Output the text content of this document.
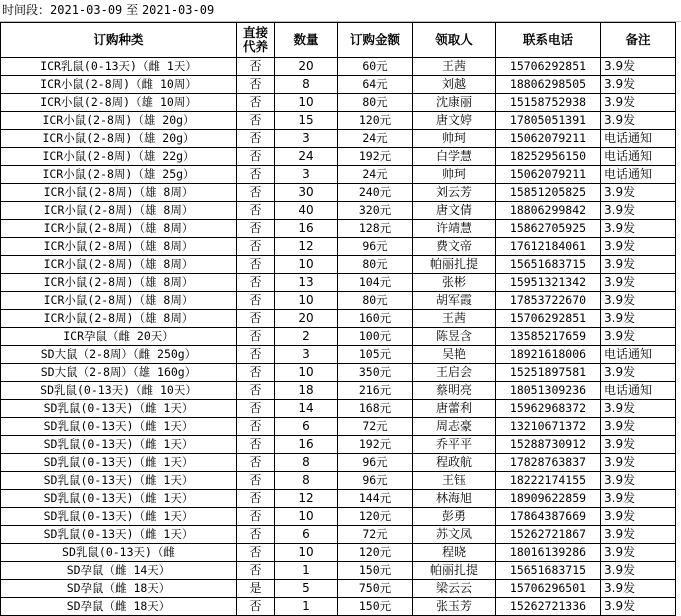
时间段：2021-03-09 至 2021-03-09
订购种类	直接代养	数量	订购金额	领取人	联系电话	备注
ICR乳鼠(0-13天)（雌 1天）	否	20	60元	王茜	15706292851	3.9发
ICR小鼠(2-8周)（雌 10周）	否	8	64元	刘越	18806298505	3.9发
ICR小鼠(2-8周)（雄 10周）	否	10	80元	沈康丽	15158752938	3.9发
ICR小鼠(2-8周)（雄 20g）	否	15	120元	唐文婷	17805051391	3.9发
ICR小鼠(2-8周)（雄 20g）	否	3	24元	帅珂	15062079211	电话通知
ICR小鼠(2-8周)（雄 22g）	否	24	192元	白学慧	18252956150	电话通知
ICR小鼠(2-8周)（雄 25g）	否	3	24元	帅珂	15062079211	电话通知
ICR小鼠(2-8周)（雄 8周）	否	30	240元	刘云芳	15851205825	3.9发
ICR小鼠(2-8周)（雄 8周）	否	40	320元	唐文倩	18806299842	3.9发
ICR小鼠(2-8周)（雄 8周）	否	16	128元	许靖慧	15862705925	3.9发
ICR小鼠(2-8周)（雄 8周）	否	12	96元	费文帝	17612184061	3.9发
ICR小鼠(2-8周)（雄 8周）	否	10	80元	帕丽扎提	15651683715	3.9发
ICR小鼠(2-8周)（雄 8周）	否	13	104元	张彬	15951321342	3.9发
ICR小鼠(2-8周)（雄 8周）	否	10	80元	胡军霞	17853722670	3.9发
ICR小鼠(2-8周)（雄 8周）	否	20	160元	王茜	15706292851	3.9发
ICR孕鼠（雌 20天）	否	2	100元	陈昱含	13585217659	3.9发
SD大鼠（2-8周）（雌 250g）	否	3	105元	吴艳	18921618006	电话通知
SD大鼠（2-8周）（雄 160g）	否	10	350元	王启会	15251897581	3.9发
SD乳鼠(0-13天)（雌 10天）	否	18	216元	蔡明亮	18051309236	电话通知
SD乳鼠(0-13天)（雌 1天）	否	14	168元	唐蕾利	15962968372	3.9发
SD乳鼠(0-13天)（雌 1天）	否	6	72元	周志豪	13210671372	3.9发
SD乳鼠(0-13天)（雌 1天）	否	16	192元	乔平平	15288730912	3.9发
SD乳鼠(0-13天)（雌 1天）	否	8	96元	程政航	17828763837	3.9发
SD乳鼠(0-13天)（雌 1天）	否	8	96元	王钰	18222174155	3.9发
SD乳鼠(0-13天)（雌 1天）	否	12	144元	林海旭	18909622859	3.9发
SD乳鼠(0-13天)（雌 1天）	否	10	120元	彭勇	17864387669	3.9发
SD乳鼠(0-13天)（雌 1天）	否	6	72元	苏文凤	15262721867	3.9发
SD乳鼠(0-13天)（雌	否	10	120元	程晓	18016139286	3.9发
SD孕鼠（雌 14天）	否	1	150元	帕丽扎提	15651683715	3.9发
SD孕鼠（雌 18天）	是	5	750元	梁云云	15706296501	3.9发
SD孕鼠（雌 18天）	否	1	150元	张玉芳	15262721336	3.9发
